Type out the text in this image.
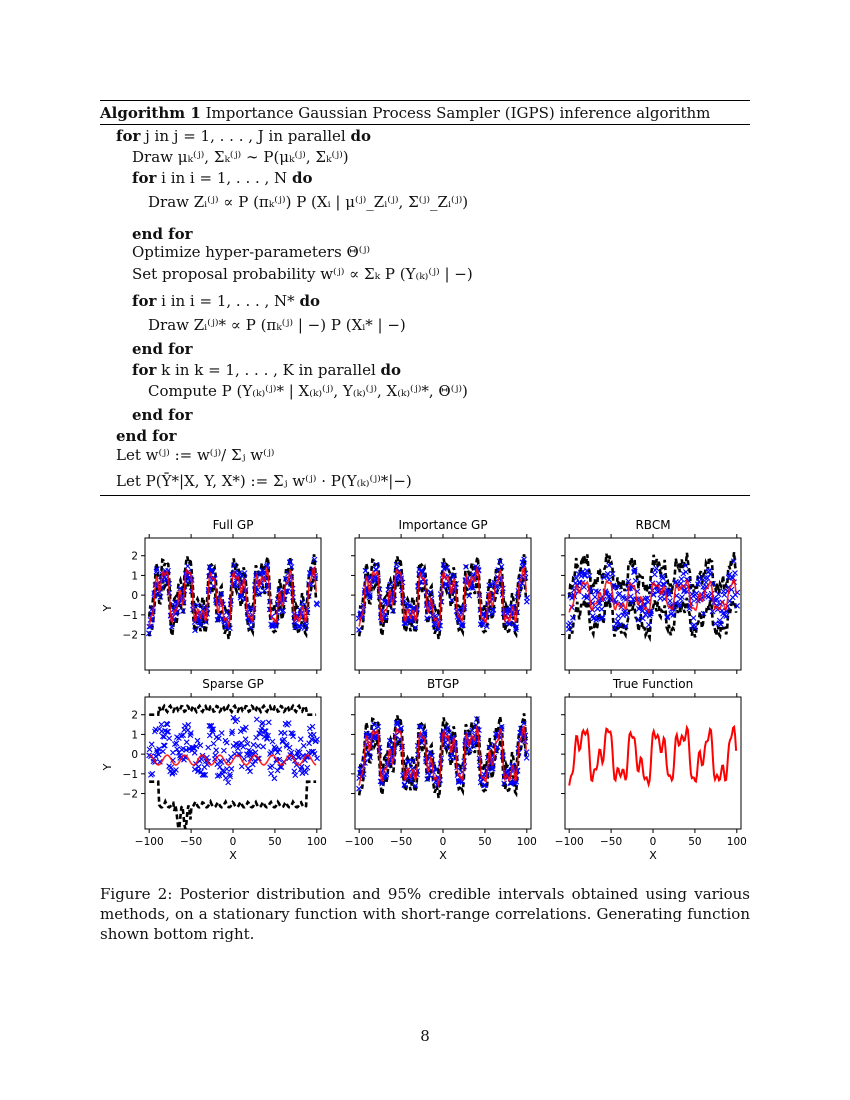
Algorithm 1 Importance Gaussian Process Sampler (IGPS) inference algorithm
for j in j = 1, . . . , J in parallel do
Draw μₖ⁽ʲ⁾, Σₖ⁽ʲ⁾ ∼ P(μₖ⁽ʲ⁾, Σₖ⁽ʲ⁾)
for i in i = 1, . . . , N do
Draw Zᵢ⁽ʲ⁾ ∝ P (πₖ⁽ʲ⁾) P (Xᵢ | μ⁽ʲ⁾_Zᵢ⁽ʲ⁾, Σ⁽ʲ⁾_Zᵢ⁽ʲ⁾)
end for
Optimize hyper-parameters Θ⁽ʲ⁾
Set proposal probability w⁽ʲ⁾ ∝ Σₖ P (Y₍ₖ₎⁽ʲ⁾ | −)
for i in i = 1, . . . , N* do
Draw Zᵢ⁽ʲ⁾* ∝ P (πₖ⁽ʲ⁾ | −) P (Xᵢ* | −)
end for
for k in k = 1, . . . , K in parallel do
Compute P (Y₍ₖ₎⁽ʲ⁾* | X₍ₖ₎⁽ʲ⁾, Y₍ₖ₎⁽ʲ⁾, X₍ₖ₎⁽ʲ⁾*, Θ⁽ʲ⁾)
end for
end for
Let w⁽ʲ⁾ := w⁽ʲ⁾/ Σⱼ w⁽ʲ⁾
Let P(Ȳ*|X, Y, X*) := Σⱼ w⁽ʲ⁾ · P(Y₍ₖ₎⁽ʲ⁾*|−)
2
1
0
−1
−2
Full GP
Y
Importance GP	RBCM
−100 −50	0	50 100
2
1
0
−1
−2
Sparse GP
Y
X
−100 −50	0	50 100
BTGP
X
−100 −50	0	50 100
True Function
X
Figure 2: Posterior distribution and 95% credible intervals obtained using various methods, on a stationary function with short-range correlations. Generating function shown bottom right.
8
